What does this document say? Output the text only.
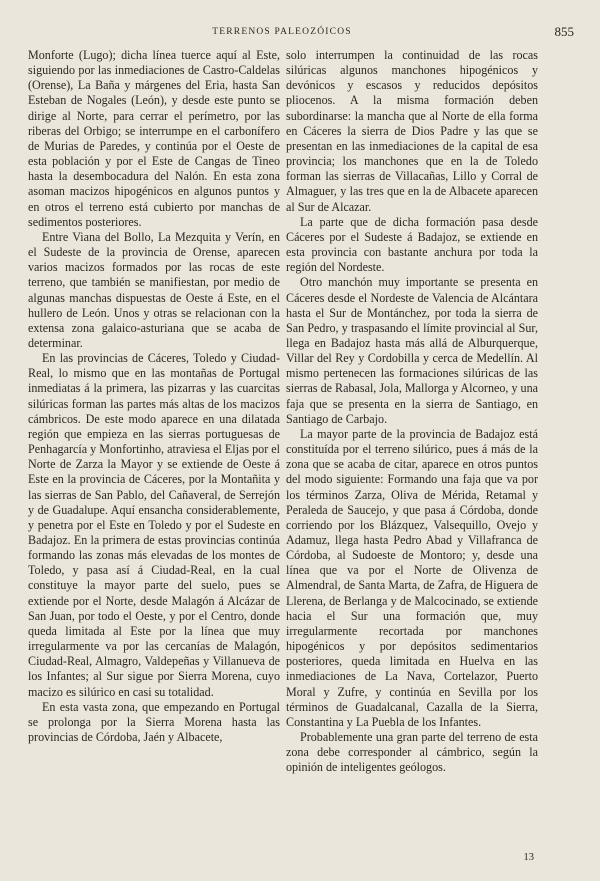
TERRENOS PALEOZÓICOS	855

Monforte (Lugo); dicha línea tuerce aquí al Este, siguiendo por las inmediaciones de Castro-Caldelas (Orense), La Baña y márgenes del Eria, hasta San Esteban de Nogales (León), y desde este punto se dirige al Norte, para cerrar el perímetro, por las riberas del Orbigo; se interrumpe en el carbonífero de Murias de Paredes, y continúa por el Oeste de esta población y por el Este de Cangas de Tineo hasta la desembocadura del Nalón. En esta zona asoman macizos hipogénicos en algunos puntos y en otros el terreno está cubierto por manchas de sedimentos posteriores.

Entre Viana del Bollo, La Mezquita y Verín, en el Sudeste de la provincia de Orense, aparecen varios macizos formados por las rocas de este terreno, que también se manifiestan, por medio de algunas manchas dispuestas de Oeste á Este, en el hullero de León. Unos y otras se relacionan con la extensa zona galaico-asturiana que se acaba de determinar.

En las provincias de Cáceres, Toledo y Ciudad-Real, lo mismo que en las montañas de Portugal inmediatas á la primera, las pizarras y las cuarcitas silúricas forman las partes más altas de los macizos cámbricos. De este modo aparece en una dilatada región que empieza en las sierras portuguesas de Penhagarcía y Monfortinho, atraviesa el Eljas por el Norte de Zarza la Mayor y se extiende de Oeste á Este en la provincia de Cáceres, por la Montañita y las sierras de San Pablo, del Cañaveral, de Serrejón y de Guadalupe. Aquí ensancha considerablemente, y penetra por el Este en Toledo y por el Sudeste en Badajoz. En la primera de estas provincias continúa formando las zonas más elevadas de los montes de Toledo, y pasa así á Ciudad-Real, en la cual constituye la mayor parte del suelo, pues se extiende por el Norte, desde Malagón á Alcázar de San Juan, por todo el Oeste, y por el Centro, donde queda limitada al Este por la línea que muy irregularmente va por las cercanías de Malagón, Ciudad-Real, Almagro, Valdepeñas y Villanueva de los Infantes; al Sur sigue por Sierra Morena, cuyo macizo es silúrico en casi su totalidad.

En esta vasta zona, que empezando en Portugal se prolonga por la Sierra Morena hasta las provincias de Córdoba, Jaén y Albacete,

solo interrumpen la continuidad de las rocas silúricas algunos manchones hipogénicos y devónicos y escasos y reducidos depósitos pliocenos. A la misma formación deben subordinarse: la mancha que al Norte de ella forma en Cáceres la sierra de Dios Padre y las que se presentan en las inmediaciones de la capital de esa provincia; los manchones que en la de Toledo forman las sierras de Villacañas, Lillo y Corral de Almaguer, y las tres que en la de Albacete aparecen al Sur de Alcazar.

La parte que de dicha formación pasa desde Cáceres por el Sudeste á Badajoz, se extiende en esta provincia con bastante anchura por toda la región del Nordeste.

Otro manchón muy importante se presenta en Cáceres desde el Nordeste de Valencia de Alcántara hasta el Sur de Montánchez, por toda la sierra de San Pedro, y traspasando el límite provincial al Sur, llega en Badajoz hasta más allá de Alburquerque, Villar del Rey y Cordobilla y cerca de Medellín. Al mismo pertenecen las formaciones silúricas de las sierras de Rabasal, Jola, Mallorga y Alcorneo, y una faja que se presenta en la sierra de Santiago, en Santiago de Carbajo.

La mayor parte de la provincia de Badajoz está constituída por el terreno silúrico, pues á más de la zona que se acaba de citar, aparece en otros puntos del modo siguiente: Formando una faja que va por los términos Zarza, Oliva de Mérida, Retamal y Peraleda de Saucejo, y que pasa á Córdoba, donde corriendo por los Blázquez, Valsequillo, Ovejo y Adamuz, llega hasta Pedro Abad y Villafranca de Córdoba, al Sudoeste de Montoro; y, desde una línea que va por el Norte de Olivenza de Almendral, de Santa Marta, de Zafra, de Higuera de Llerena, de Berlanga y de Malcocinado, se extiende hacia el Sur una formación que, muy irregularmente recortada por manchones hipogénicos y por depósitos sedimentarios posteriores, queda limitada en Huelva en las inmediaciones de La Nava, Cortelazor, Puerto Moral y Zufre, y continúa en Sevilla por los términos de Guadalcanal, Cazalla de la Sierra, Constantina y La Puebla de los Infantes.

Probablemente una gran parte del terreno de esta zona debe corresponder al cámbrico, según la opinión de inteligentes geólogos.

13
